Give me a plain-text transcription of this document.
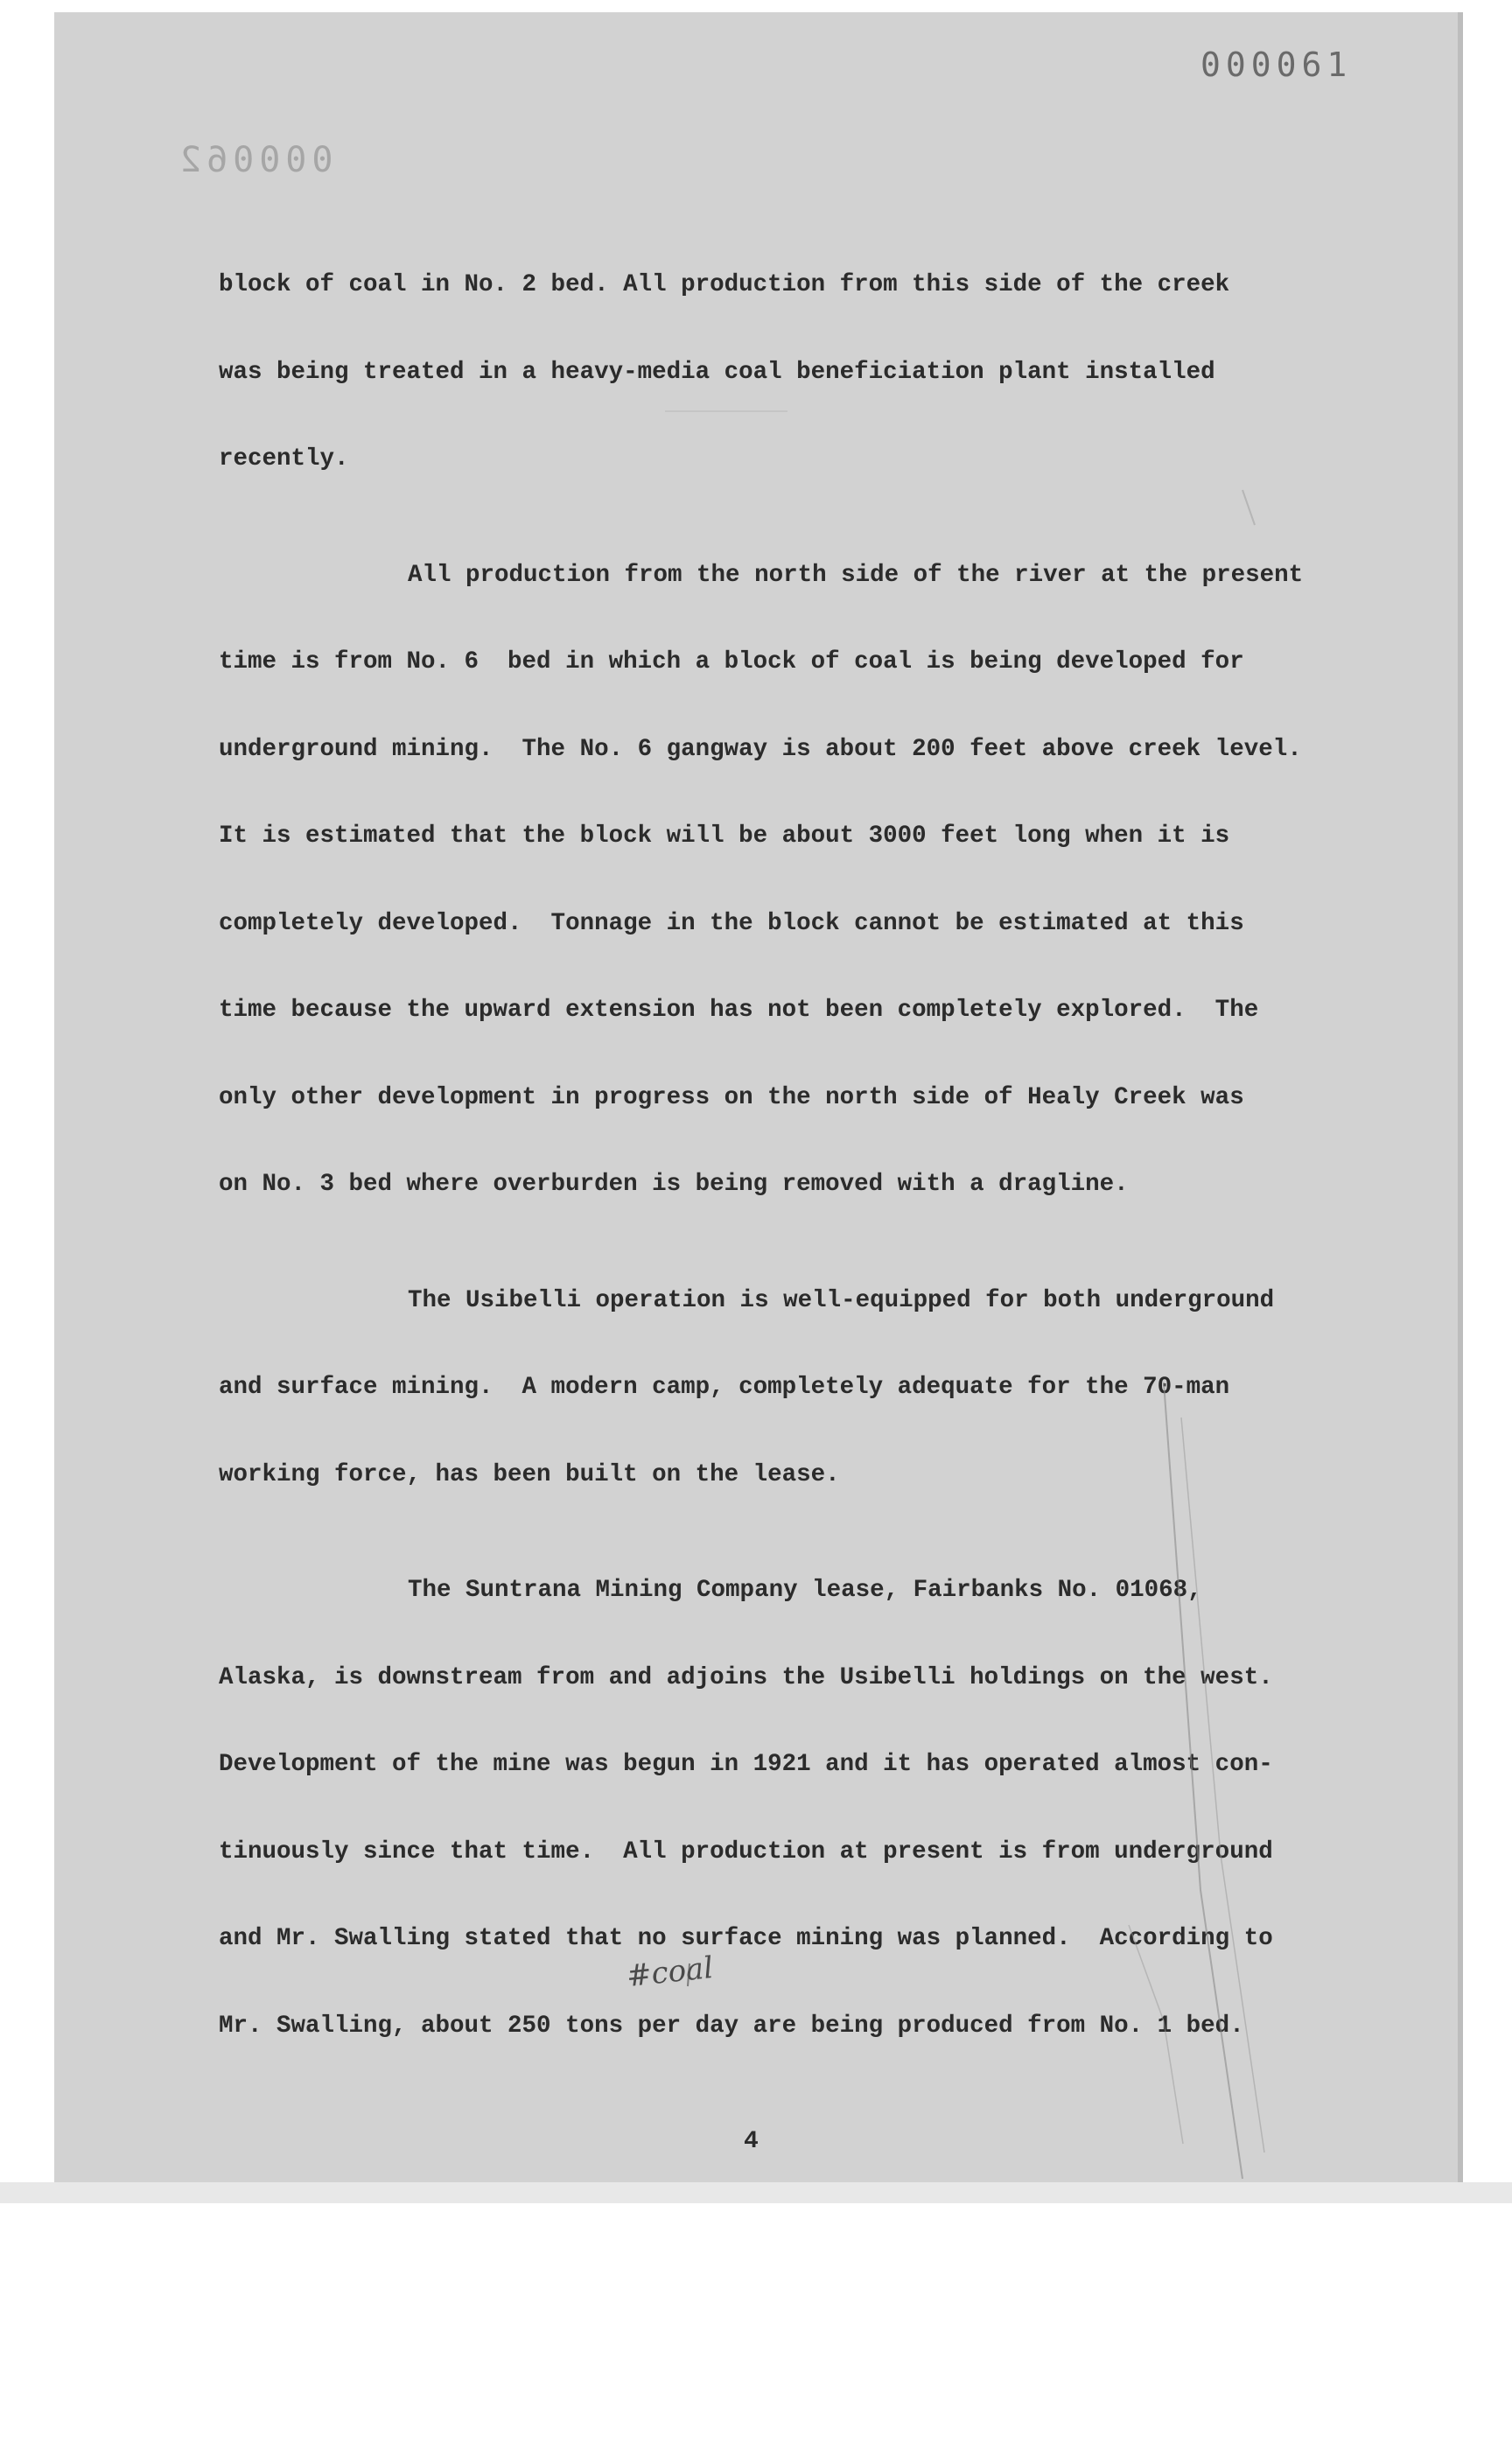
000061
000062
block of coal in No. 2 bed. All production from this side of the creek
was being treated in a heavy-media coal beneficiation plant installed
recently.
All production from the north side of the river at the present
time is from No. 6  bed in which a block of coal is being developed for
underground mining.  The No. 6 gangway is about 200 feet above creek level.
It is estimated that the block will be about 3000 feet long when it is
completely developed.  Tonnage in the block cannot be estimated at this
time because the upward extension has not been completely explored.  The
only other development in progress on the north side of Healy Creek was
on No. 3 bed where overburden is being removed with a dragline.
The Usibelli operation is well-equipped for both underground
and surface mining.  A modern camp, completely adequate for the 70-man
working force, has been built on the lease.
The Suntrana Mining Company lease, Fairbanks No. 01068,
Alaska, is downstream from and adjoins the Usibelli holdings on the west.
Development of the mine was begun in 1921 and it has operated almost con-
tinuously since that time.  All production at present is from underground
and Mr. Swalling stated that no surface mining was planned.  According to
Mr. Swalling, about 250 tons per day are being produced from No. 1 bed.
#coal
4
